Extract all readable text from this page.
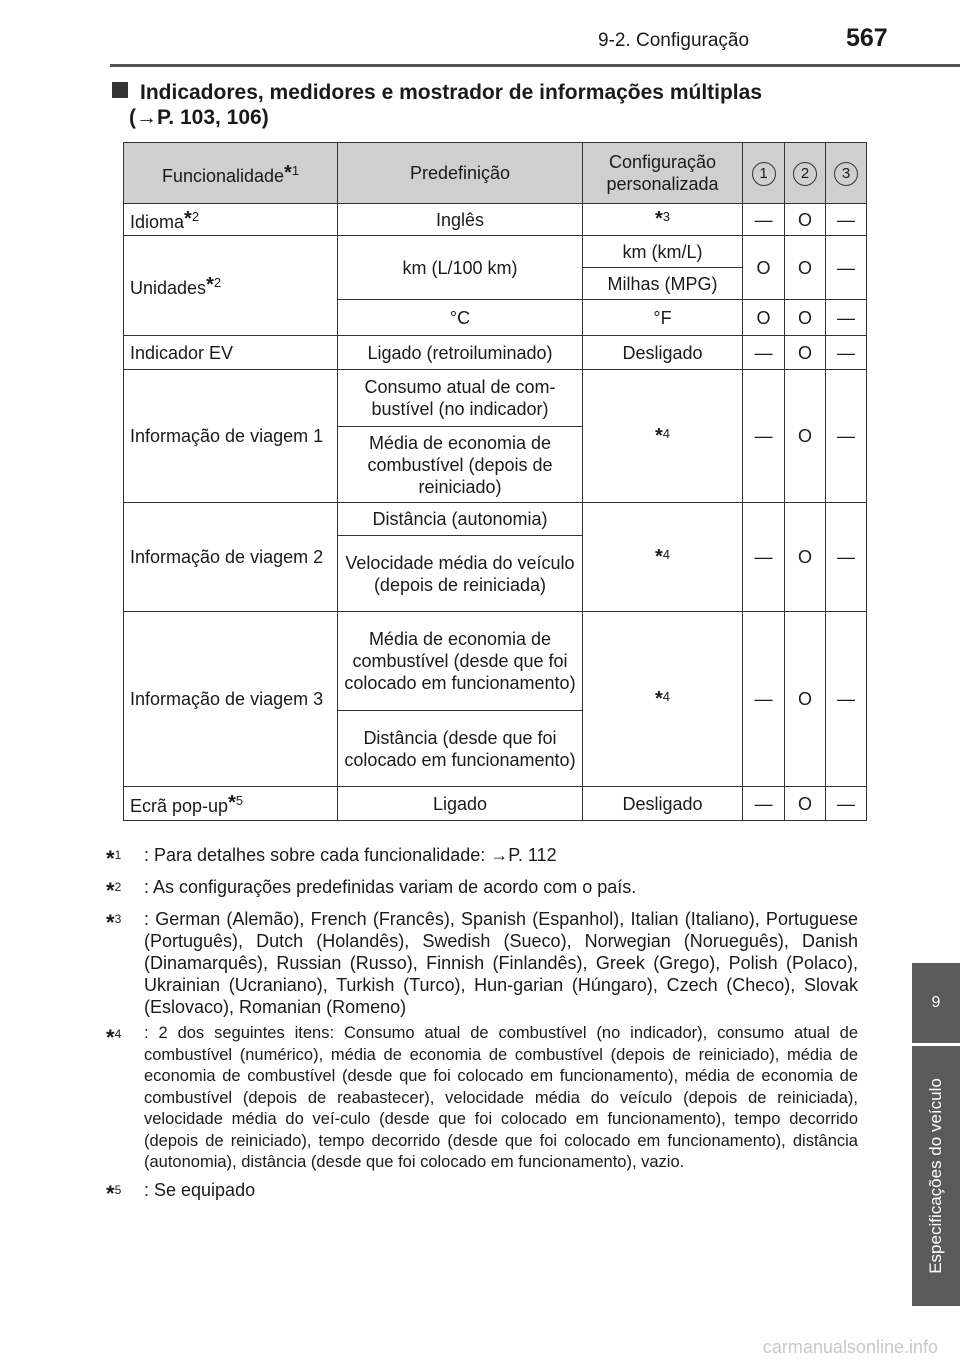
9-2. Configuração	567
9
Especificações do veículo
Indicadores, medidores e mostrador de informações múltiplas
(→P. 103, 106)
Funcionalidade$^{*1}$	Predefinição	Configuração personalizada	1	2	3
Idioma$^{*2}$	Inglês	$^{*3}$	—	O	—
Unidades$^{*2}$	km (L/100 km)	km (km/L)	O	O	—
		Milhas (MPG)			
	°C	°F	O	O	—
Indicador EV	Ligado (retroiluminado)	Desligado	—	O	—
Informação de viagem 1	Consumo atual de com-bustível (no indicador)	$^{*4}$	—	O	—
	Média de economia de combustível (depois de reiniciado)				
Informação de viagem 2	Distância (autonomia)	$^{*4}$	—	O	—
	Velocidade média do veículo (depois de reiniciada)				
Informação de viagem 3	Média de economia de combustível (desde que foi colocado em funcionamento)	$^{*4}$	—	O	—
	Distância (desde que foi colocado em funcionamento)				
Ecrã pop-$up^{*5}$	Ligado	Desligado	—	O	—
*$^1$	: Para detalhes sobre cada funcionalidade: →P. 112
*$^2$	: As configurações predefinidas variam de acordo com o país.
*$^3$	: German (Alemão), French (Francês), Spanish (Espanhol), Italian (Italiano), Portuguese (Português), Dutch (Holandês), Swedish (Sueco), Norwegian (Norueguês), Danish (Dinamarquês), Russian (Russo), Finnish (Finlandês), Greek (Grego), Polish (Polaco), Ukrainian (Ucraniano), Turkish (Turco), Hun-garian (Húngaro), Czech (Checo), Slovak (Eslovaco), Romanian (Romeno)
*$^4$	: 2 dos seguintes itens: Consumo atual de combustível (no indicador), consumo atual de combustível (numérico), média de economia de combustível (depois de reiniciado), média de economia de combustível (desde que foi colocado em funcionamento), média de economia de combustível (depois de reabastecer), velocidade média do veículo (depois de reiniciada), velocidade média do veí-culo (desde que foi colocado em funcionamento), tempo decorrido (depois de reiniciado), tempo decorrido (desde que foi colocado em funcionamento), distância (autonomia), distância (desde que foi colocado em funcionamento), vazio.
*$^5$	: Se equipado
carmanualsonline.info
